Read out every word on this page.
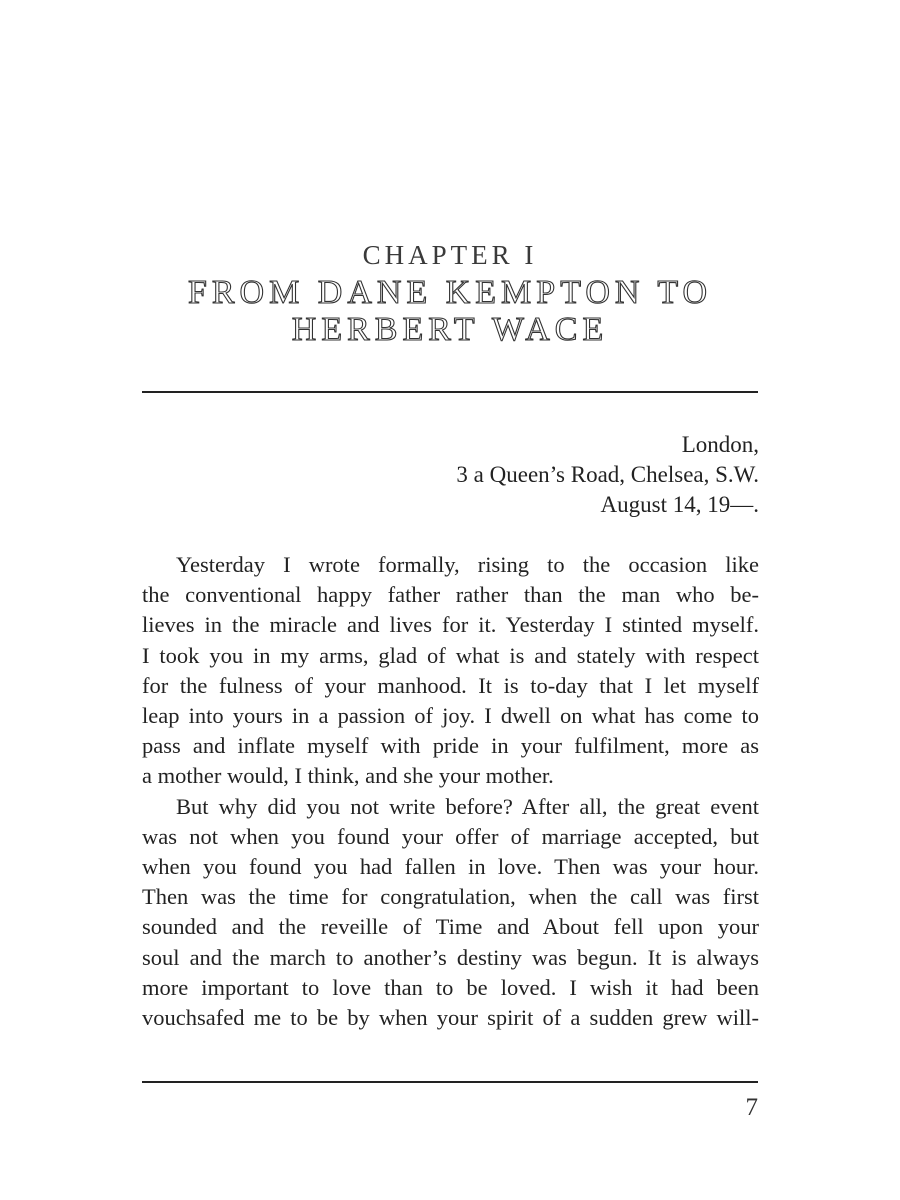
CHAPTER I
FROM DANE KEMPTON TO HERBERT WACE
London,
3 a Queen’s Road, Chelsea, S.W.
August 14, 19—.

Yesterday I wrote formally, rising to the occasion like
the conventional happy father rather than the man who be-
lieves in the miracle and lives for it. Yesterday I stinted myself.
I took you in my arms, glad of what is and stately with respect
for the fulness of your manhood. It is to-day that I let myself
leap into yours in a passion of joy. I dwell on what has come to
pass and inflate myself with pride in your fulfilment, more as
a mother would, I think, and she your mother.

But why did you not write before? After all, the great event
was not when you found your offer of marriage accepted, but
when you found you had fallen in love. Then was your hour.
Then was the time for congratulation, when the call was first
sounded and the reveille of Time and About fell upon your
soul and the march to another’s destiny was begun. It is always
more important to love than to be loved. I wish it had been
vouchsafed me to be by when your spirit of a sudden grew will-

7
